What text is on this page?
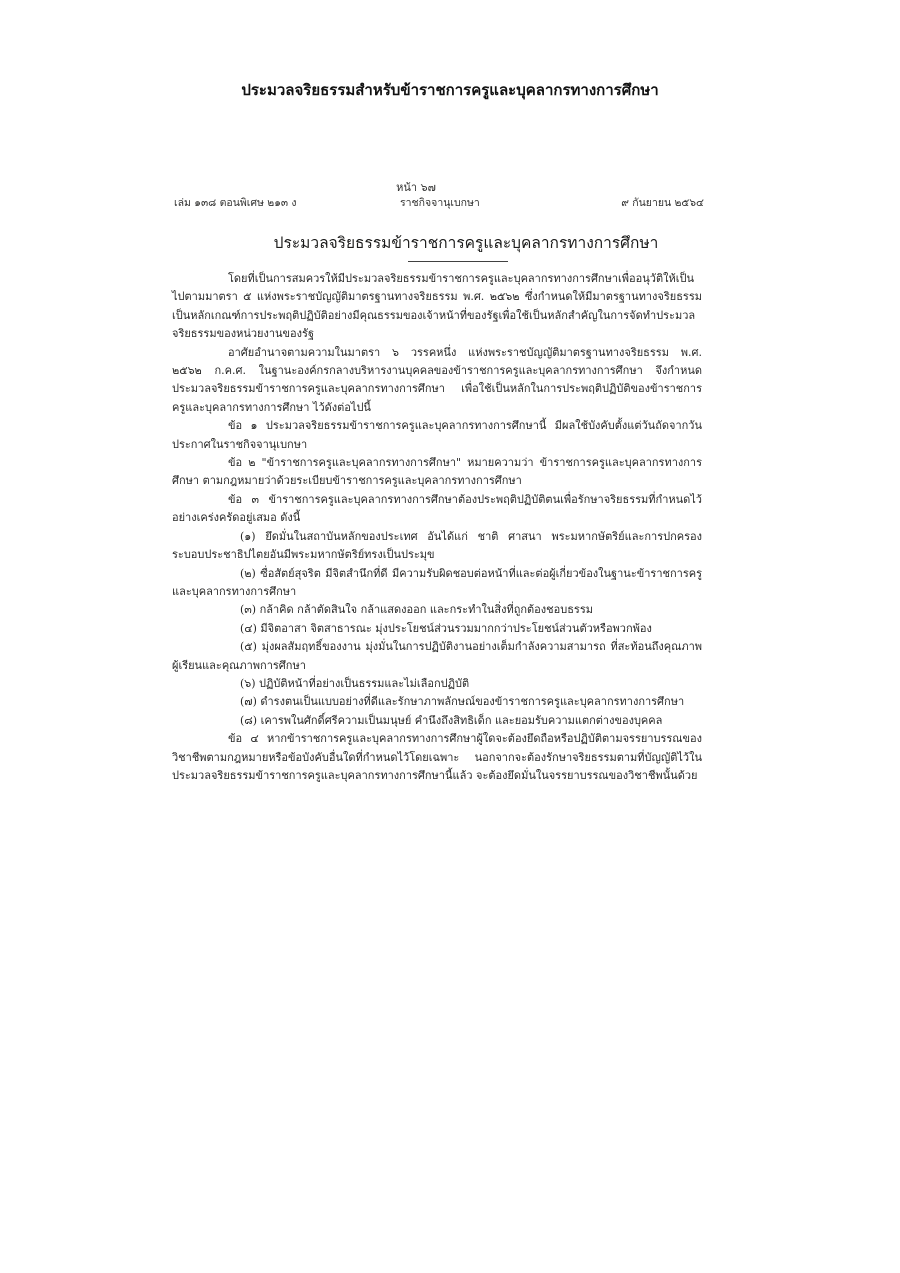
ประมวลจริยธรรมสำหรับข้าราชการครูและบุคลากรทางการศึกษา
หน้า ๖๗
เล่ม ๑๓๘ ตอนพิเศษ ๒๑๓ ง	ราชกิจจานุเบกษา	๙ กันยายน ๒๕๖๔
ประมวลจริยธรรมข้าราชการครูและบุคลากรทางการศึกษา

โดยที่เป็นการสมควรให้มีประมวลจริยธรรมข้าราชการครูและบุคลากรทางการศึกษาเพื่ออนุวัติให้เป็นไปตามมาตรา ๕ แห่งพระราชบัญญัติมาตรฐานทางจริยธรรม พ.ศ. ๒๕๖๒ ซึ่งกำหนดให้มีมาตรฐานทางจริยธรรมเป็นหลักเกณฑ์การประพฤติปฏิบัติอย่างมีคุณธรรมของเจ้าหน้าที่ของรัฐเพื่อใช้เป็นหลักสำคัญในการจัดทำประมวลจริยธรรมของหน่วยงานของรัฐ

อาศัยอำนาจตามความในมาตรา ๖ วรรคหนึ่ง แห่งพระราชบัญญัติมาตรฐานทางจริยธรรม พ.ศ. ๒๕๖๒ ก.ค.ศ. ในฐานะองค์กรกลางบริหารงานบุคคลของข้าราชการครูและบุคลากรทางการศึกษา จึงกำหนดประมวลจริยธรรมข้าราชการครูและบุคลากรทางการศึกษา เพื่อใช้เป็นหลักในการประพฤติปฏิบัติของข้าราชการครูและบุคลากรทางการศึกษา ไว้ดังต่อไปนี้

ข้อ ๑ ประมวลจริยธรรมข้าราชการครูและบุคลากรทางการศึกษานี้ มีผลใช้บังคับตั้งแต่วันถัดจากวันประกาศในราชกิจจานุเบกษา

ข้อ ๒ "ข้าราชการครูและบุคลากรทางการศึกษา" หมายความว่า ข้าราชการครูและบุคลากรทางการศึกษา ตามกฎหมายว่าด้วยระเบียบข้าราชการครูและบุคลากรทางการศึกษา

ข้อ ๓ ข้าราชการครูและบุคลากรทางการศึกษาต้องประพฤติปฏิบัติตนเพื่อรักษาจริยธรรมที่กำหนดไว้อย่างเคร่งครัดอยู่เสมอ ดังนี้

(๑) ยึดมั่นในสถาบันหลักของประเทศ อันได้แก่ ชาติ ศาสนา พระมหากษัตริย์และการปกครองระบอบประชาธิปไตยอันมีพระมหากษัตริย์ทรงเป็นประมุข

(๒) ซื่อสัตย์สุจริต มีจิตสำนึกที่ดี มีความรับผิดชอบต่อหน้าที่และต่อผู้เกี่ยวข้องในฐานะข้าราชการครูและบุคลากรทางการศึกษา

(๓) กล้าคิด กล้าตัดสินใจ กล้าแสดงออก และกระทำในสิ่งที่ถูกต้องชอบธรรม

(๔) มีจิตอาสา จิตสาธารณะ มุ่งประโยชน์ส่วนรวมมากกว่าประโยชน์ส่วนตัวหรือพวกพ้อง

(๕) มุ่งผลสัมฤทธิ์ของงาน มุ่งมั่นในการปฏิบัติงานอย่างเต็มกำลังความสามารถ ที่สะท้อนถึงคุณภาพผู้เรียนและคุณภาพการศึกษา

(๖) ปฏิบัติหน้าที่อย่างเป็นธรรมและไม่เลือกปฏิบัติ

(๗) ดำรงตนเป็นแบบอย่างที่ดีและรักษาภาพลักษณ์ของข้าราชการครูและบุคลากรทางการศึกษา

(๘) เคารพในศักดิ์ศรีความเป็นมนุษย์ คำนึงถึงสิทธิเด็ก และยอมรับความแตกต่างของบุคคล

ข้อ ๔ หากข้าราชการครูและบุคลากรทางการศึกษาผู้ใดจะต้องยึดถือหรือปฏิบัติตามจรรยาบรรณของวิชาชีพตามกฎหมายหรือข้อบังคับอื่นใดที่กำหนดไว้โดยเฉพาะ นอกจากจะต้องรักษาจริยธรรมตามที่บัญญัติไว้ในประมวลจริยธรรมข้าราชการครูและบุคลากรทางการศึกษานี้แล้ว จะต้องยึดมั่นในจรรยาบรรณของวิชาชีพนั้นด้วย
